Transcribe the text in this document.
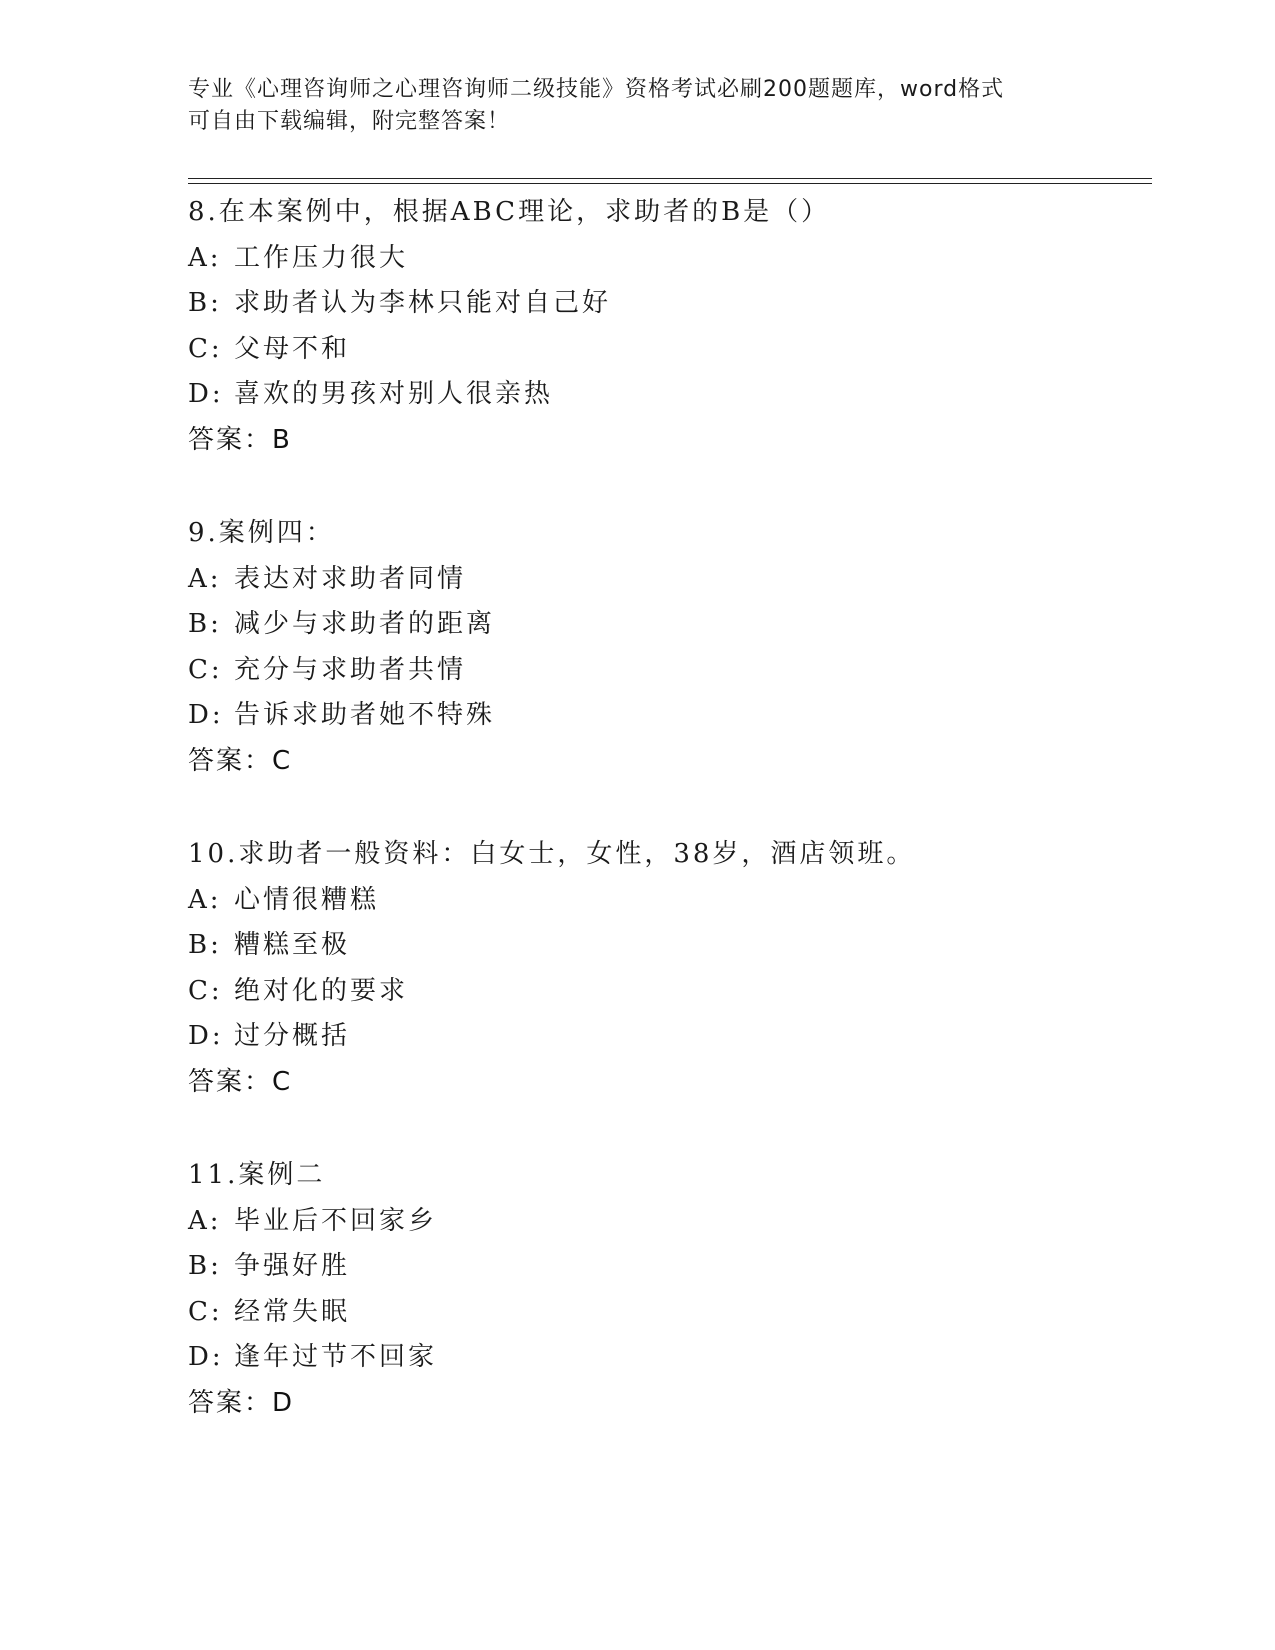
专业《心理咨询师之心理咨询师二级技能》资格考试必刷200题题库，word格式
可自由下载编辑，附完整答案！
8.在本案例中，根据ABC理论，求助者的B是（）
A: 工作压力很大
B: 求助者认为李林只能对自己好
C: 父母不和
D: 喜欢的男孩对别人很亲热
答案：B
9.案例四：
A: 表达对求助者同情
B: 减少与求助者的距离
C: 充分与求助者共情
D: 告诉求助者她不特殊
答案：C
10.求助者一般资料：白女士，女性，38岁，酒店领班。
A: 心情很糟糕
B: 糟糕至极
C: 绝对化的要求
D: 过分概括
答案：C
11.案例二
A: 毕业后不回家乡
B: 争强好胜
C: 经常失眠
D: 逢年过节不回家
答案：D
